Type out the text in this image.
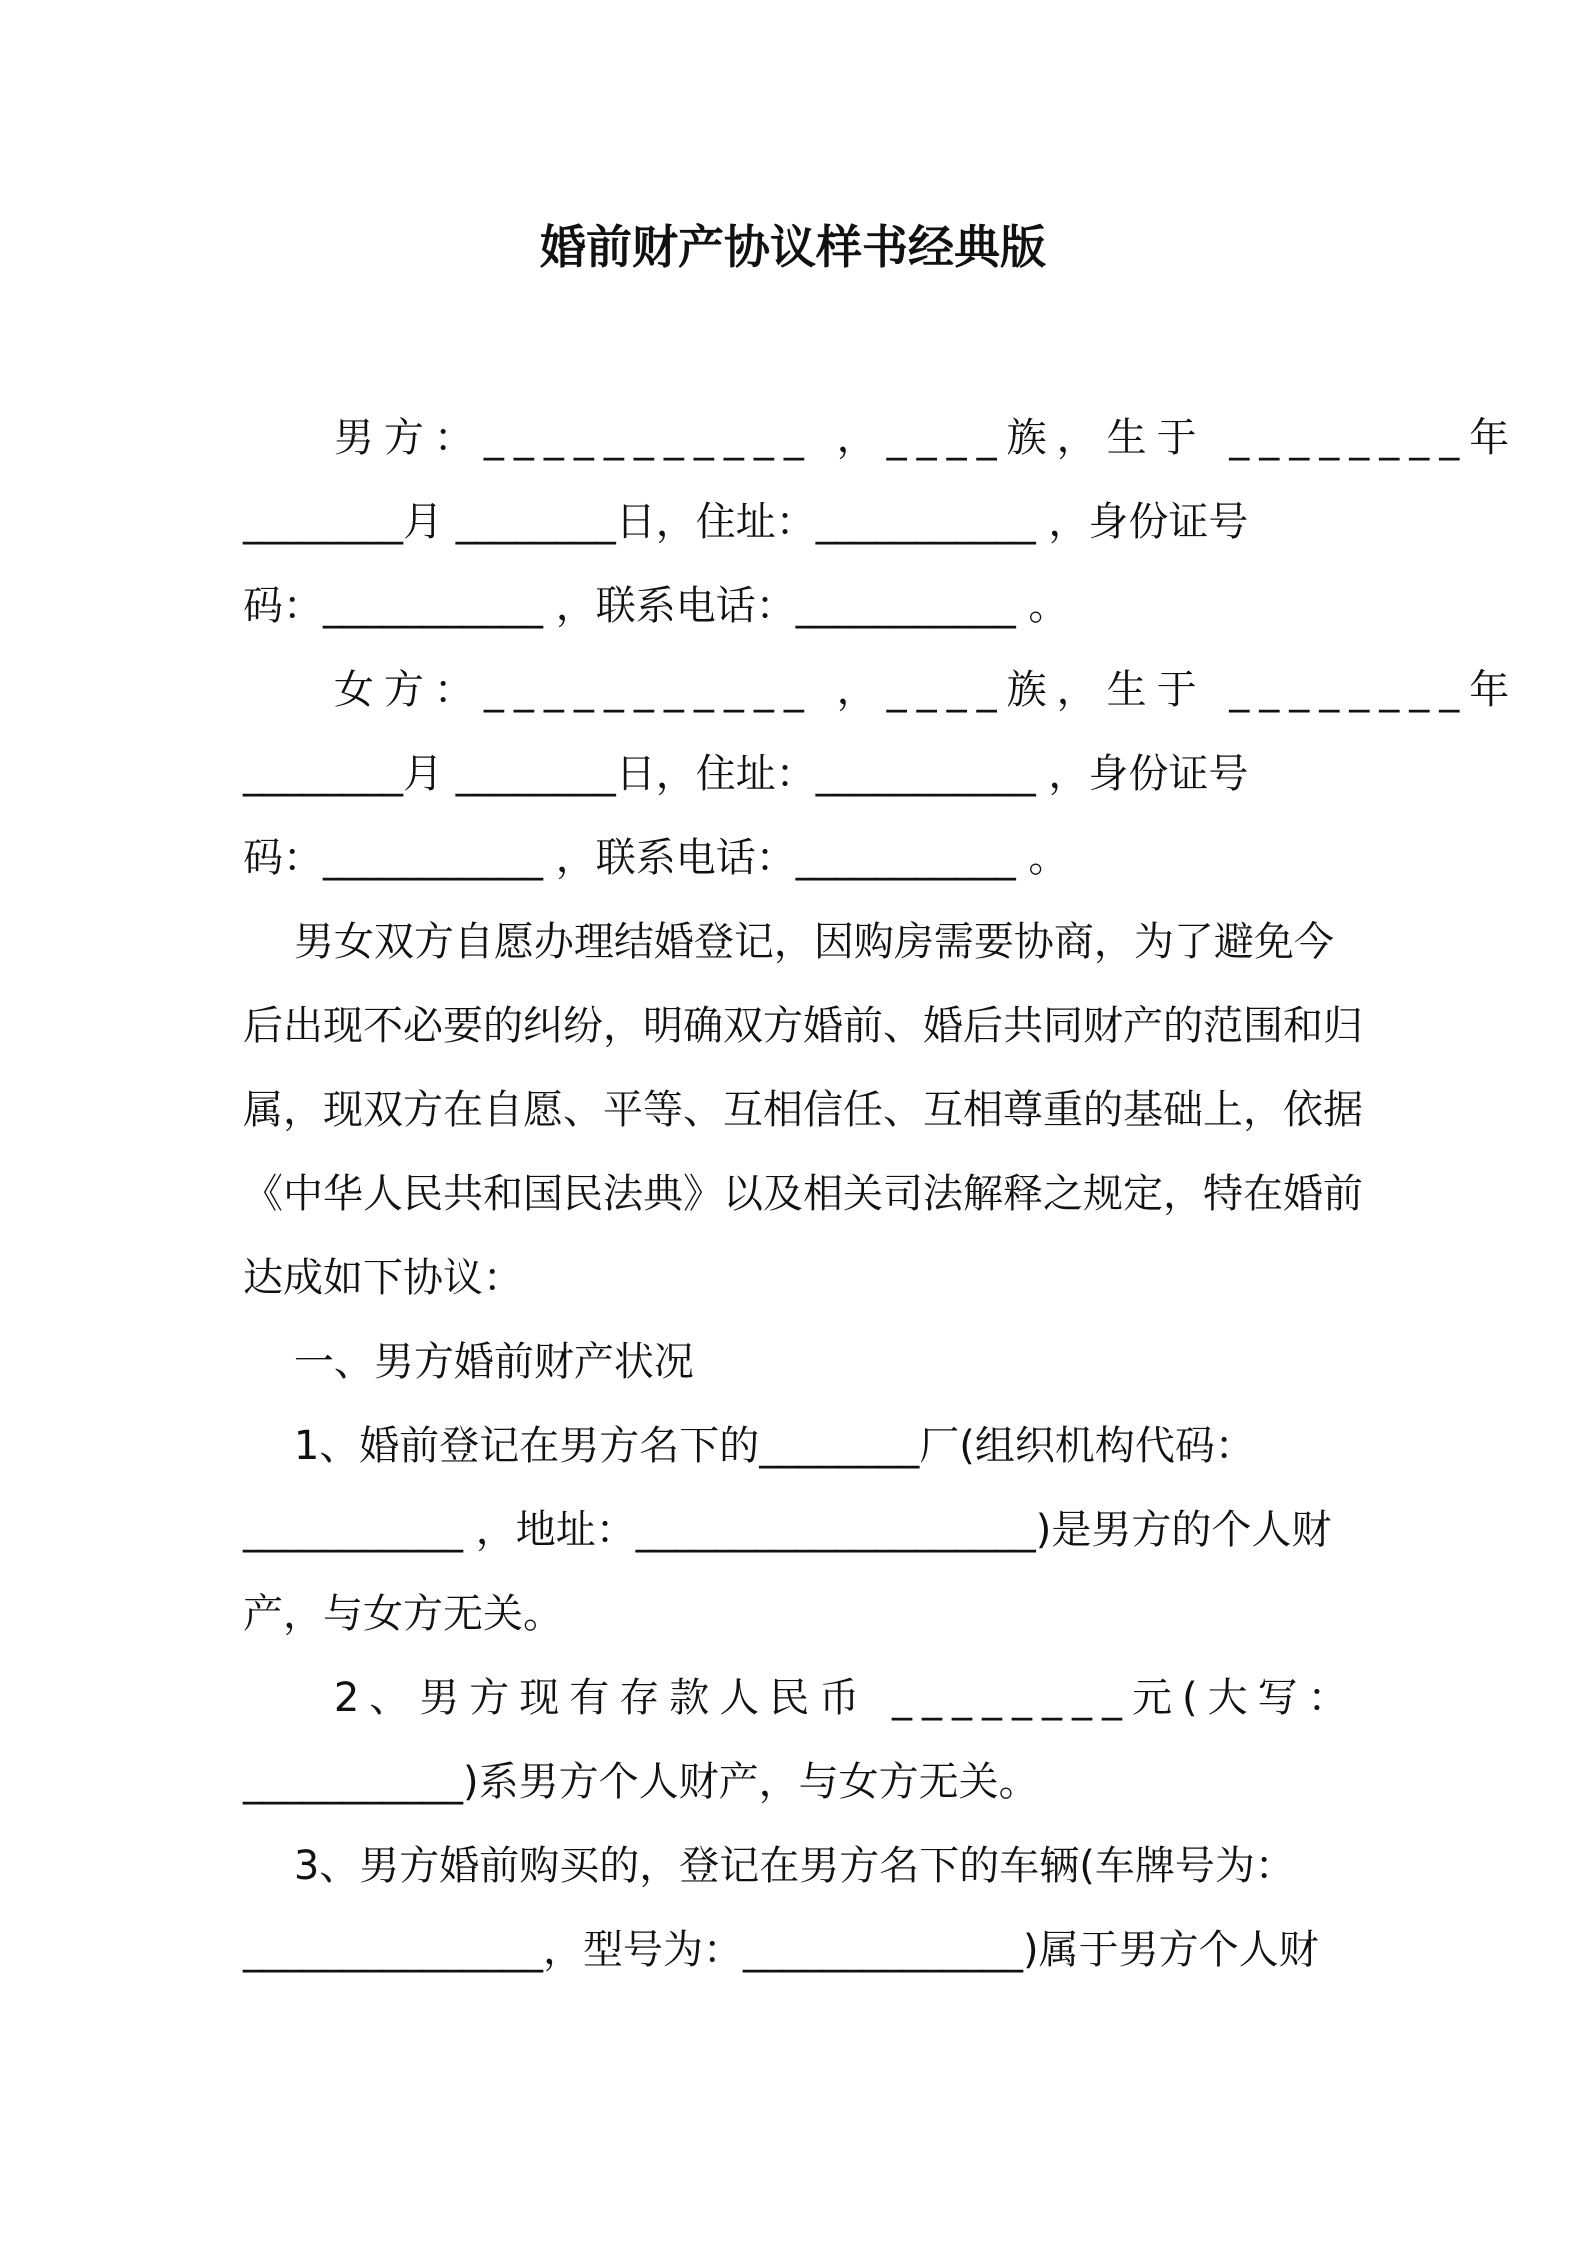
婚前财产协议样书经典版
男方：___________ ，____族，生于 ________年
________月 ________日，住址：___________ ，身份证号
码：___________ ，联系电话：___________ 。
女方：___________ ，____族，生于 ________年
________月 ________日，住址：___________ ，身份证号
码：___________ ，联系电话：___________ 。
男女双方自愿办理结婚登记，因购房需要协商，为了避免今
后出现不必要的纠纷，明确双方婚前、婚后共同财产的范围和归
属，现双方在自愿、平等、互相信任、互相尊重的基础上，依据
《中华人民共和国民法典》以及相关司法解释之规定，特在婚前
达成如下协议：
一、男方婚前财产状况
1、婚前登记在男方名下的________厂(组织机构代码：
___________ ，地址：____________________)是男方的个人财
产，与女方无关。
2、男方现有存款人民币 ________元(大写：
___________)系男方个人财产，与女方无关。
3、男方婚前购买的，登记在男方名下的车辆(车牌号为：
_______________，型号为：______________)属于男方个人财
